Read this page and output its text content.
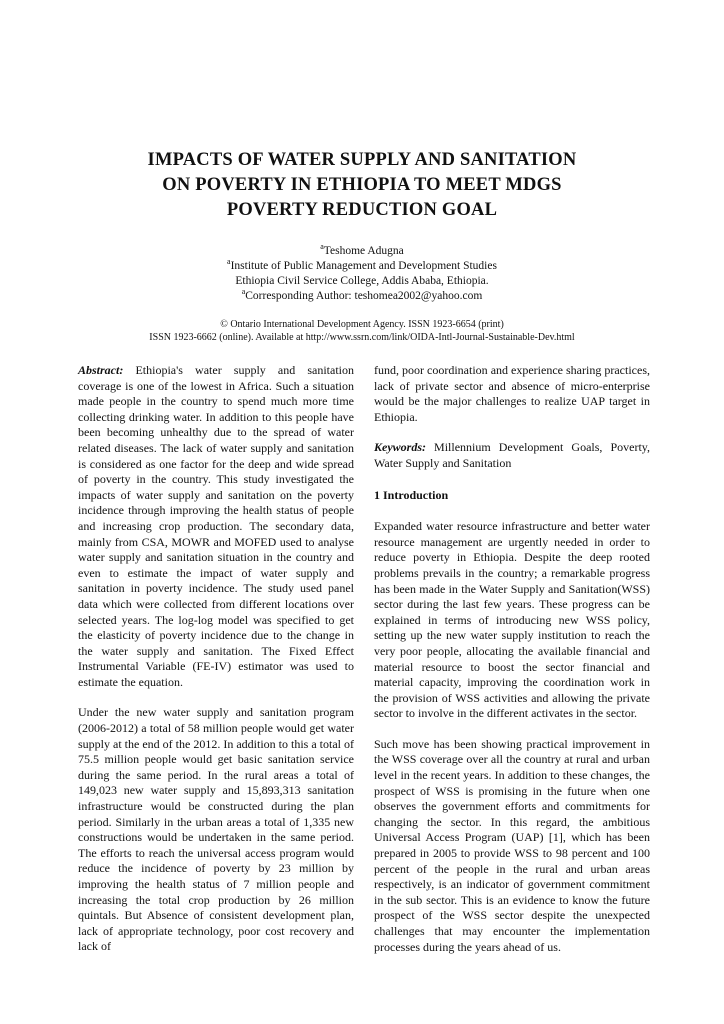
IMPACTS OF WATER SUPPLY AND SANITATION
ON POVERTY IN ETHIOPIA TO MEET MDGS
POVERTY REDUCTION GOAL
$^a$Teshome Adugna
$^a$Institute of Public Management and Development Studies
Ethiopia Civil Service College, Addis Ababa, Ethiopia.
$^a$Corresponding Author: teshomea2002@yahoo.com
© Ontario International Development Agency. ISSN 1923-6654 (print)
ISSN 1923-6662 (online). Available at http://www.ssrn.com/link/OIDA-Intl-Journal-Sustainable-Dev.html

Abstract: Ethiopia's water supply and sanitation coverage is one of the lowest in Africa. Such a situation made people in the country to spend much more time collecting drinking water. In addition to this people have been becoming unhealthy due to the spread of water related diseases. The lack of water supply and sanitation is considered as one factor for the deep and wide spread of poverty in the country. This study investigated the impacts of water supply and sanitation on the poverty incidence through improving the health status of people and increasing crop production. The secondary data, mainly from CSA, MOWR and MOFED used to analyse water supply and sanitation situation in the country and even to estimate the impact of water supply and sanitation in poverty incidence. The study used panel data which were collected from different locations over selected years. The log-log model was specified to get the elasticity of poverty incidence due to the change in the water supply and sanitation. The Fixed Effect Instrumental Variable (FE-IV) estimator was used to estimate the equation.

Under the new water supply and sanitation program (2006-2012) a total of 58 million people would get water supply at the end of the 2012. In addition to this a total of 75.5 million people would get basic sanitation service during the same period. In the rural areas a total of 149,023 new water supply and 15,893,313 sanitation infrastructure would be constructed during the plan period. Similarly in the urban areas a total of 1,335 new constructions would be undertaken in the same period. The efforts to reach the universal access program would reduce the incidence of poverty by 23 million by improving the health status of 7 million people and increasing the total crop production by 26 million quintals. But Absence of consistent development plan, lack of appropriate technology, poor cost recovery and lack of

fund, poor coordination and experience sharing practices, lack of private sector and absence of micro-enterprise would be the major challenges to realize UAP target in Ethiopia.

Keywords: Millennium Development Goals, Poverty, Water Supply and Sanitation

1 Introduction

Expanded water resource infrastructure and better water resource management are urgently needed in order to reduce poverty in Ethiopia. Despite the deep rooted problems prevails in the country; a remarkable progress has been made in the Water Supply and Sanitation(WSS) sector during the last few years. These progress can be explained in terms of introducing new WSS policy, setting up the new water supply institution to reach the very poor people, allocating the available financial and material resource to boost the sector financial and material capacity, improving the coordination work in the provision of WSS activities and allowing the private sector to involve in the different activates in the sector.

Such move has been showing practical improvement in the WSS coverage over all the country at rural and urban level in the recent years. In addition to these changes, the prospect of WSS is promising in the future when one observes the government efforts and commitments for changing the sector. In this regard, the ambitious Universal Access Program (UAP) [1], which has been prepared in 2005 to provide WSS to 98 percent and 100 percent of the people in the rural and urban areas respectively, is an indicator of government commitment in the sub sector. This is an evidence to know the future prospect of the WSS sector despite the unexpected challenges that may encounter the implementation processes during the years ahead of us.
